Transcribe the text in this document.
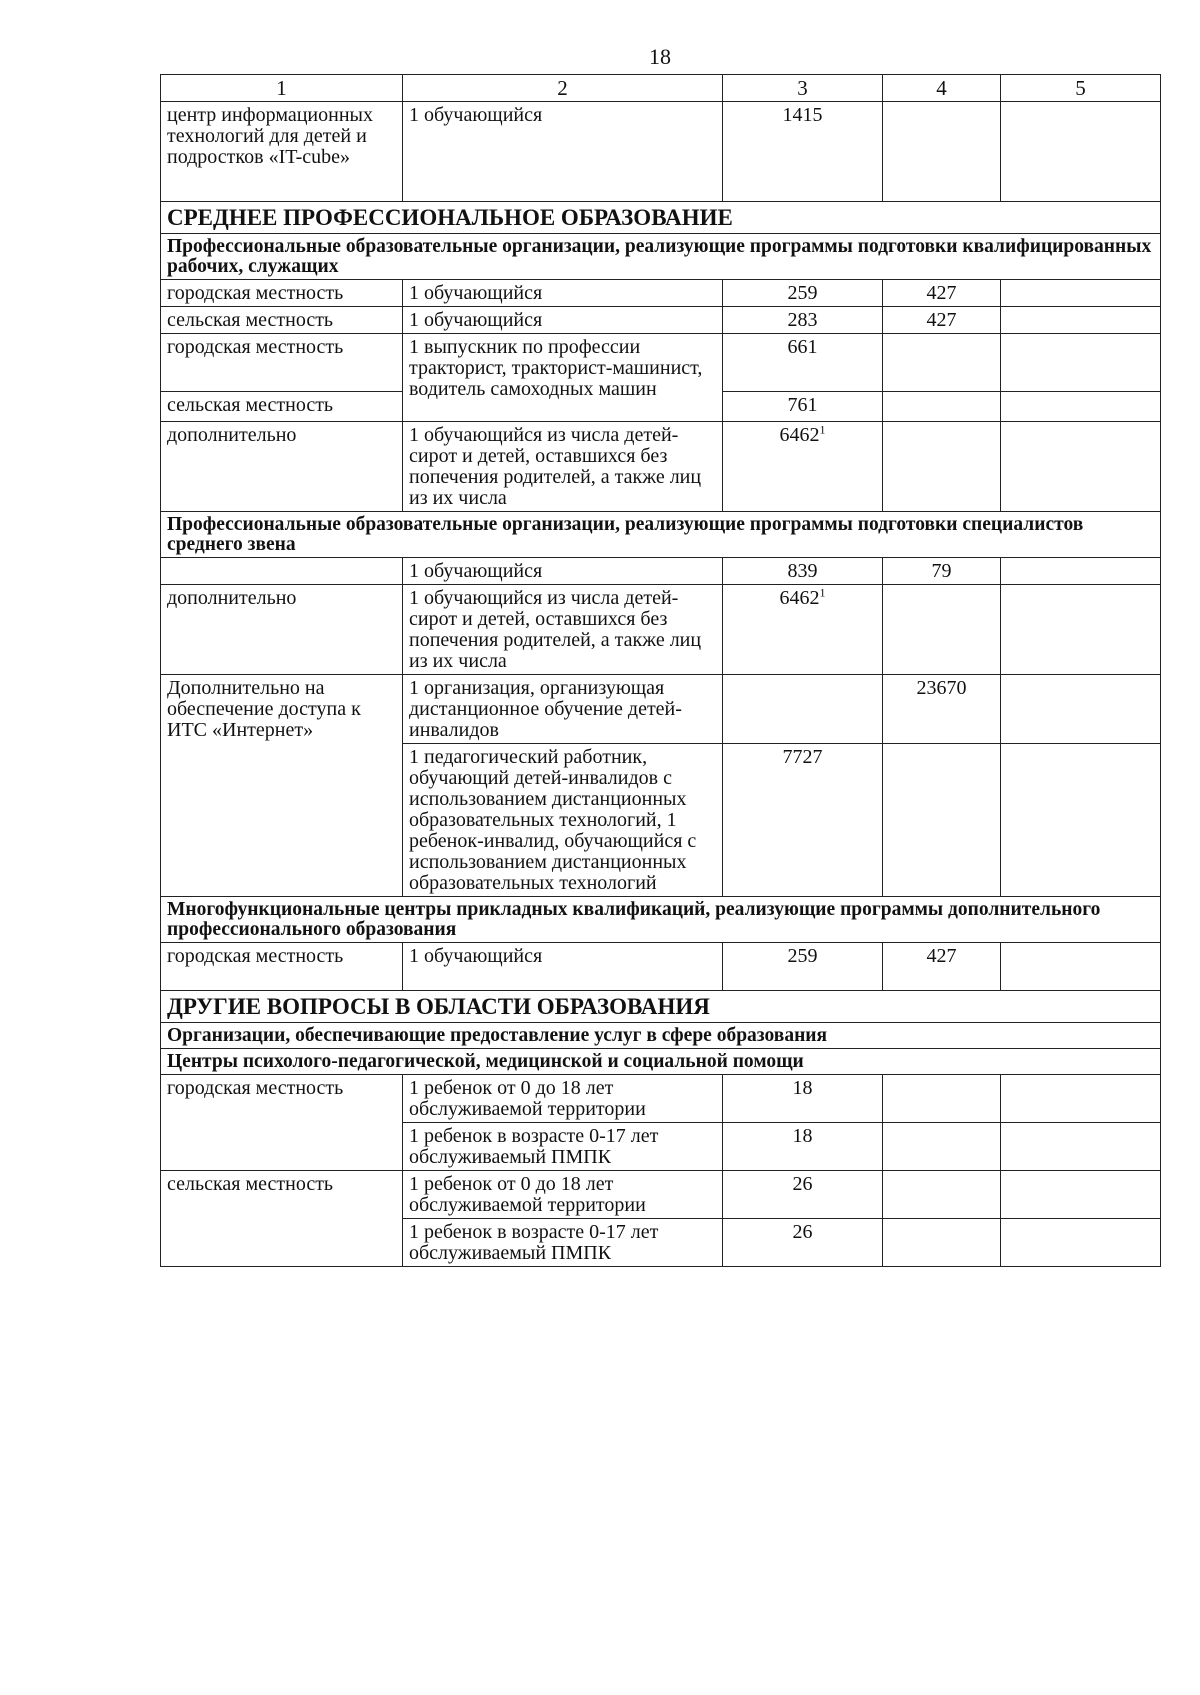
18
1	2	3	4	5
центр информационных технологий для детей и подростков «IT-cube»	1 обучающийся	1415		
СРЕДНЕЕ ПРОФЕССИОНАЛЬНОЕ ОБРАЗОВАНИЕ				
Профессиональные образовательные организации, реализующие программы подготовки квалифицированных рабочих, служащих				
городская местность	1 обучающийся	259	427	
сельская местность	1 обучающийся	283	427	
городская местность	1 выпускник по профессии тракторист, тракторист-машинист, водитель самоходных машин	661		
сельская местность		761		
дополнительно	1 обучающийся из числа детей-сирот и детей, оставшихся без попечения родителей, а также лиц из их числа	6462$^1$		
Профессиональные образовательные организации, реализующие программы подготовки специалистов среднего звена				
	1 обучающийся	839	79	
дополнительно	1 обучающийся из числа детей-сирот и детей, оставшихся без попечения родителей, а также лиц из их числа	6462$^1$		
Дополнительно на обеспечение доступа к ИТС «Интернет»	1 организация, организующая дистанционное обучение детей-инвалидов		23670	
	1 педагогический работник, обучающий детей-инвалидов с использованием дистанционных образовательных технологий, 1 ребенок-инвалид, обучающийся с использованием дистанционных образовательных технологий	7727		
Многофункциональные центры прикладных квалификаций, реализующие программы дополнительного профессионального образования				
городская местность	1 обучающийся	259	427	
ДРУГИЕ ВОПРОСЫ В ОБЛАСТИ ОБРАЗОВАНИЯ				
Организации, обеспечивающие предоставление услуг в сфере образования				
Центры психолого-педагогической, медицинской и социальной помощи				
городская местность	1 ребенок от 0 до 18 лет обслуживаемой территории	18		
	1 ребенок в возрасте 0-17 лет обслуживаемый ПМПК	18		
сельская местность	1 ребенок от 0 до 18 лет обслуживаемой территории	26		
	1 ребенок в возрасте 0-17 лет обслуживаемый ПМПК	26		
